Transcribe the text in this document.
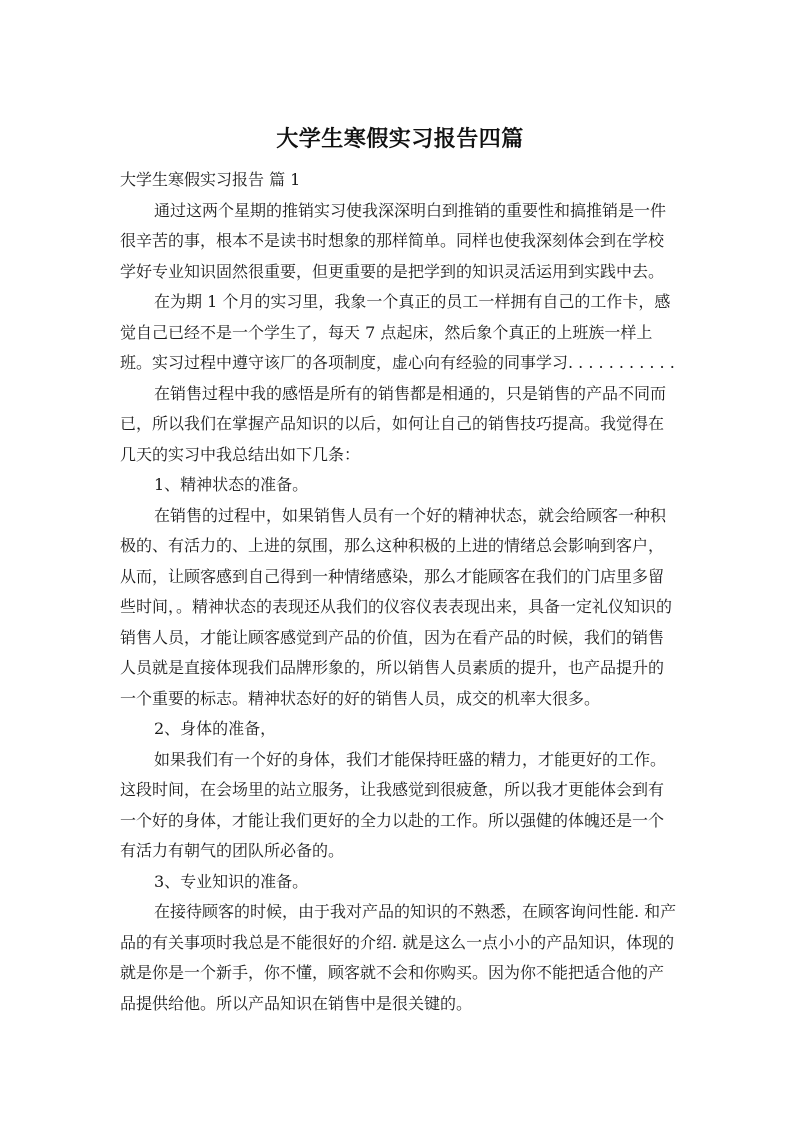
大学生寒假实习报告四篇

大学生寒假实习报告 篇 1

通过这两个星期的推销实习使我深深明白到推销的重要性和搞推销是一件
很辛苦的事，根本不是读书时想象的那样简单。同样也使我深刻体会到在学校
学好专业知识固然很重要，但更重要的是把学到的知识灵活运用到实践中去。
在为期 1 个月的实习里，我象一个真正的员工一样拥有自己的工作卡，感
觉自己已经不是一个学生了，每天 7 点起床，然后象个真正的上班族一样上
班。实习过程中遵守该厂的各项制度，虚心向有经验的同事学习. . . . . . . . . . .
在销售过程中我的感悟是所有的销售都是相通的，只是销售的产品不同而
已，所以我们在掌握产品知识的以后，如何让自己的销售技巧提高。我觉得在
几天的实习中我总结出如下几条：
1、精神状态的准备。
在销售的过程中，如果销售人员有一个好的精神状态，就会给顾客一种积
极的、有活力的、上进的氛围，那么这种积极的上进的情绪总会影响到客户，
从而，让顾客感到自己得到一种情绪感染，那么才能顾客在我们的门店里多留
些时间，。精神状态的表现还从我们的仪容仪表表现出来，具备一定礼仪知识的
销售人员，才能让顾客感觉到产品的价值，因为在看产品的时候，我们的销售
人员就是直接体现我们品牌形象的，所以销售人员素质的提升，也产品提升的
一个重要的标志。精神状态好的好的销售人员，成交的机率大很多。
2、身体的准备，
如果我们有一个好的身体，我们才能保持旺盛的精力，才能更好的工作。
这段时间，在会场里的站立服务，让我感觉到很疲惫，所以我才更能体会到有
一个好的身体，才能让我们更好的全力以赴的工作。所以强健的体魄还是一个
有活力有朝气的团队所必备的。
3、专业知识的准备。
在接待顾客的时候，由于我对产品的知识的不熟悉，在顾客询问性能. 和产
品的有关事项时我总是不能很好的介绍. 就是这么一点小小的产品知识，体现的
就是你是一个新手，你不懂，顾客就不会和你购买。因为你不能把适合他的产
品提供给他。所以产品知识在销售中是很关键的。
